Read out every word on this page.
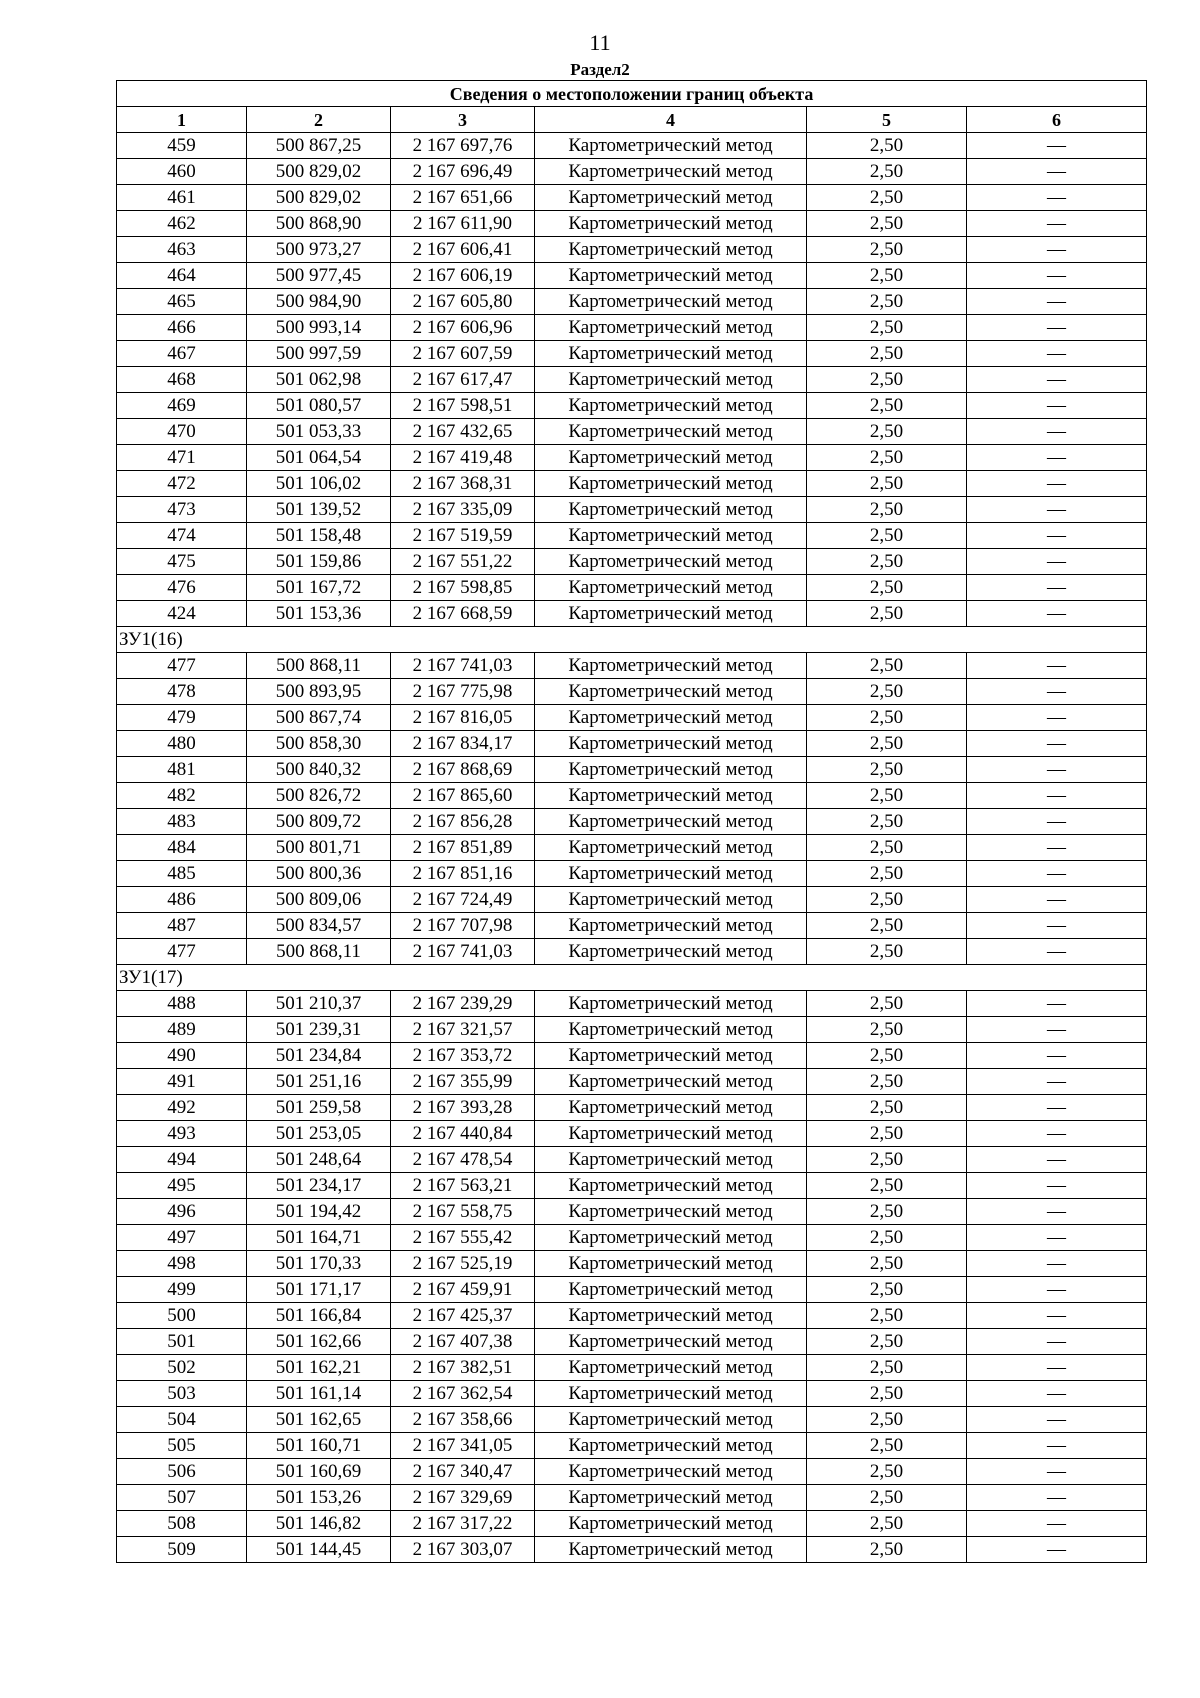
11
Раздел2
Сведения о местоположении границ объекта					
1	2	3	4	5	6
459	500 867,25	2 167 697,76	Картометрический метод	2,50	—
460	500 829,02	2 167 696,49	Картометрический метод	2,50	—
461	500 829,02	2 167 651,66	Картометрический метод	2,50	—
462	500 868,90	2 167 611,90	Картометрический метод	2,50	—
463	500 973,27	2 167 606,41	Картометрический метод	2,50	—
464	500 977,45	2 167 606,19	Картометрический метод	2,50	—
465	500 984,90	2 167 605,80	Картометрический метод	2,50	—
466	500 993,14	2 167 606,96	Картометрический метод	2,50	—
467	500 997,59	2 167 607,59	Картометрический метод	2,50	—
468	501 062,98	2 167 617,47	Картометрический метод	2,50	—
469	501 080,57	2 167 598,51	Картометрический метод	2,50	—
470	501 053,33	2 167 432,65	Картометрический метод	2,50	—
471	501 064,54	2 167 419,48	Картометрический метод	2,50	—
472	501 106,02	2 167 368,31	Картометрический метод	2,50	—
473	501 139,52	2 167 335,09	Картометрический метод	2,50	—
474	501 158,48	2 167 519,59	Картометрический метод	2,50	—
475	501 159,86	2 167 551,22	Картометрический метод	2,50	—
476	501 167,72	2 167 598,85	Картометрический метод	2,50	—
424	501 153,36	2 167 668,59	Картометрический метод	2,50	—
ЗУ1(16)					
477	500 868,11	2 167 741,03	Картометрический метод	2,50	—
478	500 893,95	2 167 775,98	Картометрический метод	2,50	—
479	500 867,74	2 167 816,05	Картометрический метод	2,50	—
480	500 858,30	2 167 834,17	Картометрический метод	2,50	—
481	500 840,32	2 167 868,69	Картометрический метод	2,50	—
482	500 826,72	2 167 865,60	Картометрический метод	2,50	—
483	500 809,72	2 167 856,28	Картометрический метод	2,50	—
484	500 801,71	2 167 851,89	Картометрический метод	2,50	—
485	500 800,36	2 167 851,16	Картометрический метод	2,50	—
486	500 809,06	2 167 724,49	Картометрический метод	2,50	—
487	500 834,57	2 167 707,98	Картометрический метод	2,50	—
477	500 868,11	2 167 741,03	Картометрический метод	2,50	—
ЗУ1(17)					
488	501 210,37	2 167 239,29	Картометрический метод	2,50	—
489	501 239,31	2 167 321,57	Картометрический метод	2,50	—
490	501 234,84	2 167 353,72	Картометрический метод	2,50	—
491	501 251,16	2 167 355,99	Картометрический метод	2,50	—
492	501 259,58	2 167 393,28	Картометрический метод	2,50	—
493	501 253,05	2 167 440,84	Картометрический метод	2,50	—
494	501 248,64	2 167 478,54	Картометрический метод	2,50	—
495	501 234,17	2 167 563,21	Картометрический метод	2,50	—
496	501 194,42	2 167 558,75	Картометрический метод	2,50	—
497	501 164,71	2 167 555,42	Картометрический метод	2,50	—
498	501 170,33	2 167 525,19	Картометрический метод	2,50	—
499	501 171,17	2 167 459,91	Картометрический метод	2,50	—
500	501 166,84	2 167 425,37	Картометрический метод	2,50	—
501	501 162,66	2 167 407,38	Картометрический метод	2,50	—
502	501 162,21	2 167 382,51	Картометрический метод	2,50	—
503	501 161,14	2 167 362,54	Картометрический метод	2,50	—
504	501 162,65	2 167 358,66	Картометрический метод	2,50	—
505	501 160,71	2 167 341,05	Картометрический метод	2,50	—
506	501 160,69	2 167 340,47	Картометрический метод	2,50	—
507	501 153,26	2 167 329,69	Картометрический метод	2,50	—
508	501 146,82	2 167 317,22	Картометрический метод	2,50	—
509	501 144,45	2 167 303,07	Картометрический метод	2,50	—
